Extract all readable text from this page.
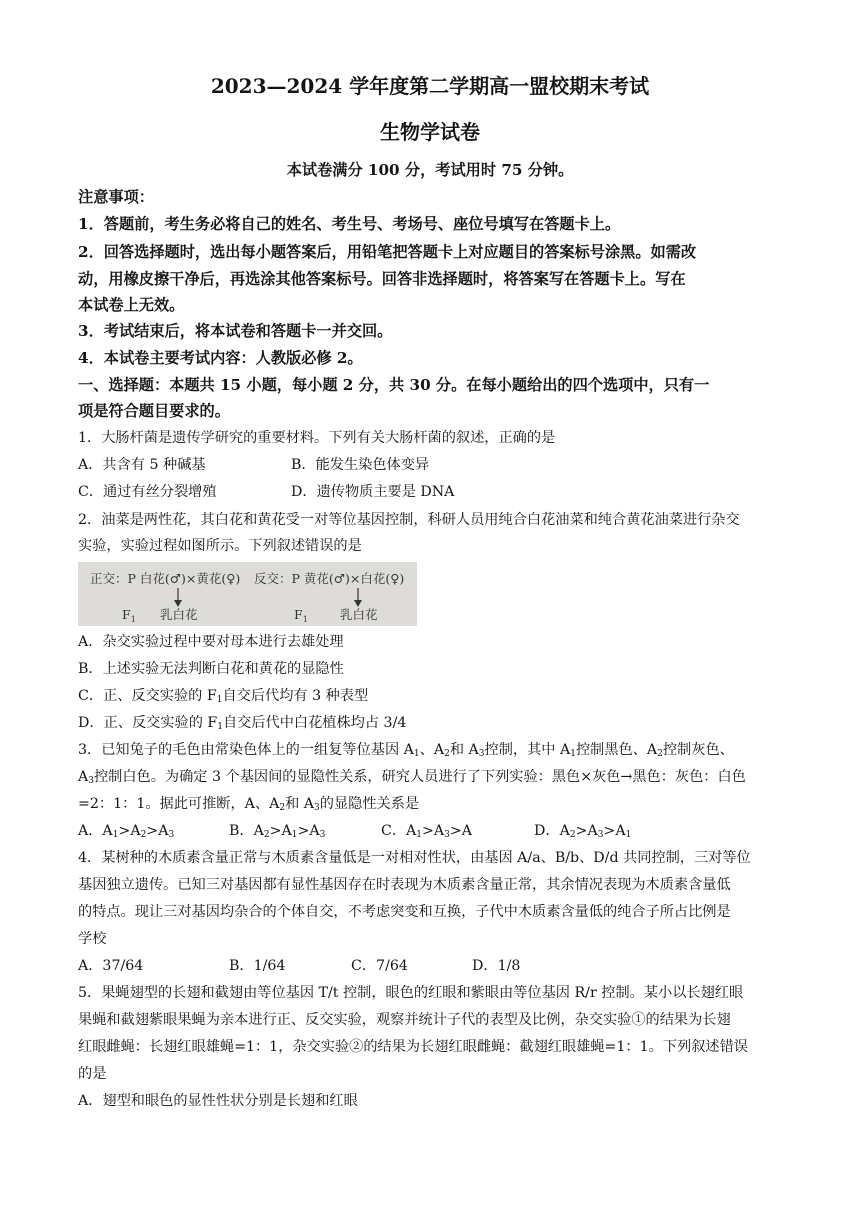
2023—2024 学年度第二学期高一盟校期末考试
生物学试卷
本试卷满分 100 分，考试用时 75 分钟。
注意事项：
1．答题前，考生务必将自己的姓名、考生号、考场号、座位号填写在答题卡上。
2．回答选择题时，选出每小题答案后，用铅笔把答题卡上对应题目的答案标号涂黑。如需改
动，用橡皮擦干净后，再选涂其他答案标号。回答非选择题时，将答案写在答题卡上。写在
本试卷上无效。
3．考试结束后，将本试卷和答题卡一并交回。
4．本试卷主要考试内容：人教版必修 2。
一、选择题：本题共 15 小题，每小题 2 分，共 30 分。在每小题给出的四个选项中，只有一
项是符合题目要求的。
1．大肠杆菌是遗传学研究的重要材料。下列有关大肠杆菌的叙述，正确的是
A．共含有 5 种碱基	B．能发生染色体变异
C．通过有丝分裂增殖	D．遗传物质主要是 DNA
2．油菜是两性花，其白花和黄花受一对等位基因控制，科研人员用纯合白花油菜和纯合黄花油菜进行杂交
实验，实验过程如图所示。下列叙述错误的是
正交：P 白花(♂)×黄花(♀) 反交：P 黄花(♂)×白花(♀)
$F_1$ 乳白花	$F_1$	乳白花
A．杂交实验过程中要对母本进行去雄处理
B．上述实验无法判断白花和黄花的显隐性
C．正、反交实验的 $F_1$自交后代均有 3 种表型
D．正、反交实验的 $F_1$自交后代中白花植株均占 3/4
3．已知兔子的毛色由常染色体上的一组复等位基因 $A_1$、$A_2$和 $A_3$控制，其中 $A_1$控制黑色、$A_2$控制灰色、
$A_3$控制白色。为确定 3 个基因间的显隐性关系，研究人员进行了下列实验：黑色×灰色→黑色：灰色：白色
=2：1：1。据此可推断，A、$A_2$和 $A_3$的显隐性关系是
A．$A_1>A_2>A_3$	B．$A_2>A_1>A_3$	C．$A_1>A_3>A$	D．$A_2>A_3>A_1$
4．某树种的木质素含量正常与木质素含量低是一对相对性状，由基因 A/a、B/b、D/d 共同控制，三对等位
基因独立遗传。已知三对基因都有显性基因存在时表现为木质素含量正常，其余情况表现为木质素含量低
的特点。现让三对基因均杂合的个体自交，不考虑突变和互换，子代中木质素含量低的纯合子所占比例是
学校
A．37/64	B．1/64	C．7/64	D．1/8
5．果蝇翅型的长翅和截翅由等位基因 T/t 控制，眼色的红眼和紫眼由等位基因 R/r 控制。某小以长翅红眼
果蝇和截翅紫眼果蝇为亲本进行正、反交实验，观察并统计子代的表型及比例，杂交实验①的结果为长翅
红眼雌蝇：长翅红眼雄蝇=1：1，杂交实验②的结果为长翅红眼雌蝇：截翅红眼雄蝇=1：1。下列叙述错误
的是
A．翅型和眼色的显性性状分别是长翅和红眼
